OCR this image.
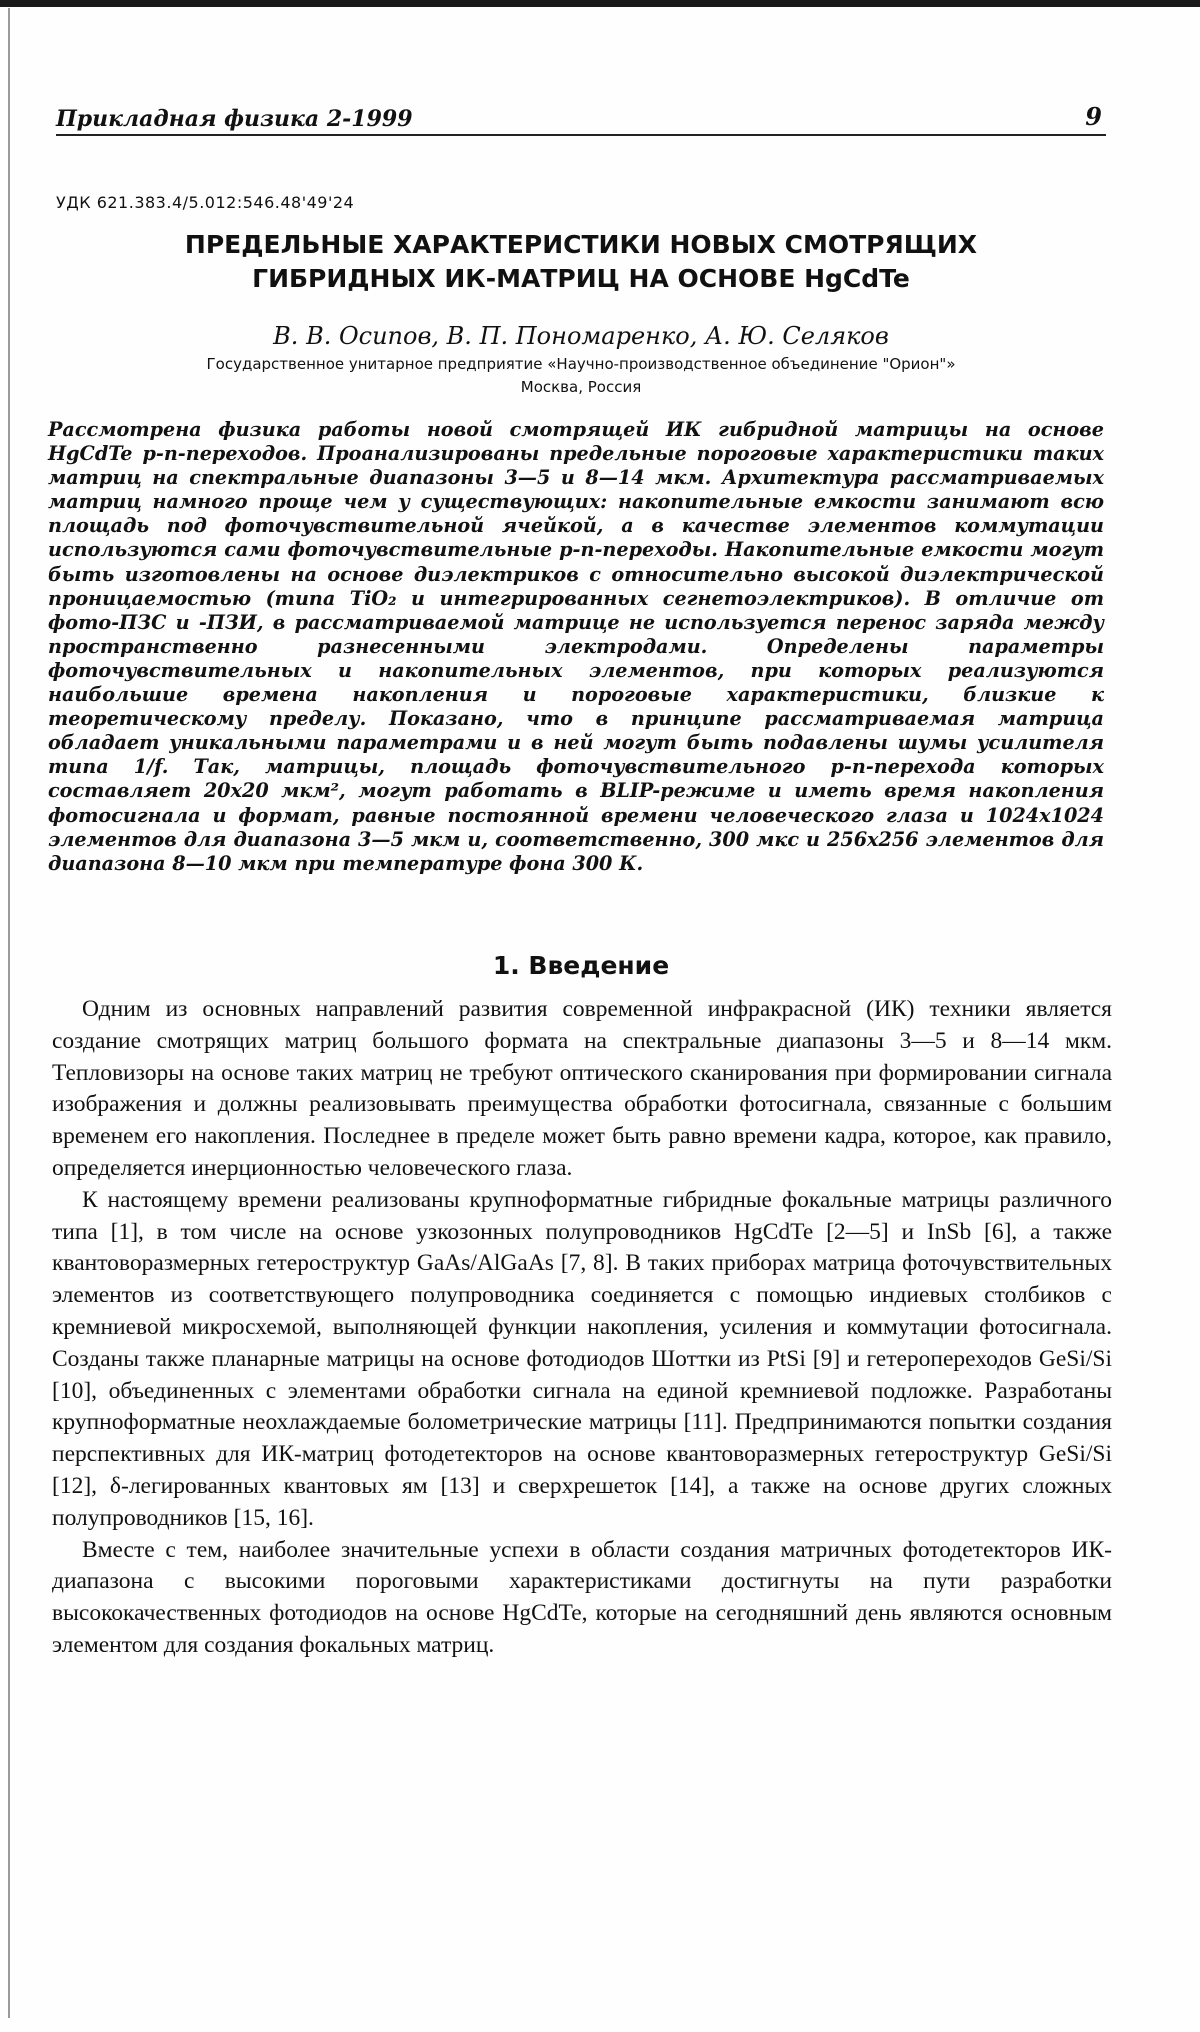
Прикладная физика 2-1999	9
УДК 621.383.4/5.012:546.48'49'24
ПРЕДЕЛЬНЫЕ ХАРАКТЕРИСТИКИ НОВЫХ СМОТРЯЩИХ
ГИБРИДНЫХ ИК-МАТРИЦ НА ОСНОВЕ HgCdTe
В. В. Осипов, В. П. Пономаренко, А. Ю. Селяков
Государственное унитарное предприятие «Научно-производственное объединение "Орион"»
Москва, Россия
Рассмотрена физика работы новой смотрящей ИК гибридной матрицы на основе HgCdTe p-n-переходов. Проанализированы предельные пороговые характеристики таких матриц на спектральные диапазоны 3—5 и 8—14 мкм. Архитектура рассматриваемых матриц намного проще чем у существующих: накопительные емкости занимают всю площадь под фоточувствительной ячейкой, а в качестве элементов коммутации используются сами фоточувствительные p-n-переходы. Накопительные емкости могут быть изготовлены на основе диэлектриков с относительно высокой диэлектрической проницаемостью (типа TiO₂ и интегрированных сегнетоэлектриков). В отличие от фото-ПЗС и -ПЗИ, в рассматриваемой матрице не используется перенос заряда между пространственно разнесенными электродами. Определены параметры фоточувствительных и накопительных элементов, при которых реализуются наибольшие времена накопления и пороговые характеристики, близкие к теоретическому пределу. Показано, что в принципе рассматриваемая матрица обладает уникальными параметрами и в ней могут быть подавлены шумы усилителя типа 1/f. Так, матрицы, площадь фоточувствительного p-n-перехода которых составляет 20x20 мкм², могут работать в BLIP-режиме и иметь время накопления фотосигнала и формат, равные постоянной времени человеческого глаза и 1024x1024 элементов для диапазона 3—5 мкм и, соответственно, 300 мкс и 256x256 элементов для диапазона 8—10 мкм при температуре фона 300 К.
1. Введение

Одним из основных направлений развития современной инфракрасной (ИК) техники является создание смотрящих матриц большого формата на спектральные диапазоны 3—5 и 8—14 мкм. Тепловизоры на основе таких матриц не требуют оптического сканирования при формировании сигнала изображения и должны реализовывать преимущества обработки фотосигнала, связанные с большим временем его накопления. Последнее в пределе может быть равно времени кадра, которое, как правило, определяется инерционностью человеческого глаза.

К настоящему времени реализованы крупноформатные гибридные фокальные матрицы различного типа [1], в том числе на основе узкозонных полупроводников HgCdTe [2—5] и InSb [6], а также квантоворазмерных гетероструктур GaAs/AlGaAs [7, 8]. В таких приборах матрица фоточувствительных элементов из соответствующего полупроводника соединяется с помощью индиевых столбиков с кремниевой микросхемой, выполняющей функции накопления, усиления и коммутации фотосигнала. Созданы также планарные матрицы на основе фотодиодов Шоттки из PtSi [9] и гетеропереходов GeSi/Si [10], объединенных с элементами обработки сигнала на единой кремниевой подложке. Разработаны крупноформатные неохлаждаемые болометрические матрицы [11]. Предпринимаются попытки создания перспективных для ИК-матриц фотодетекторов на основе квантоворазмерных гетероструктур GeSi/Si [12], δ-легированных квантовых ям [13] и сверхрешеток [14], а также на основе других сложных полупроводников [15, 16].

Вместе с тем, наиболее значительные успехи в области создания матричных фотодетекторов ИК-диапазона с высокими пороговыми характеристиками достигнуты на пути разработки высококачественных фотодиодов на основе HgCdTe, которые на сегодняшний день являются основным элементом для создания фокальных матриц.
